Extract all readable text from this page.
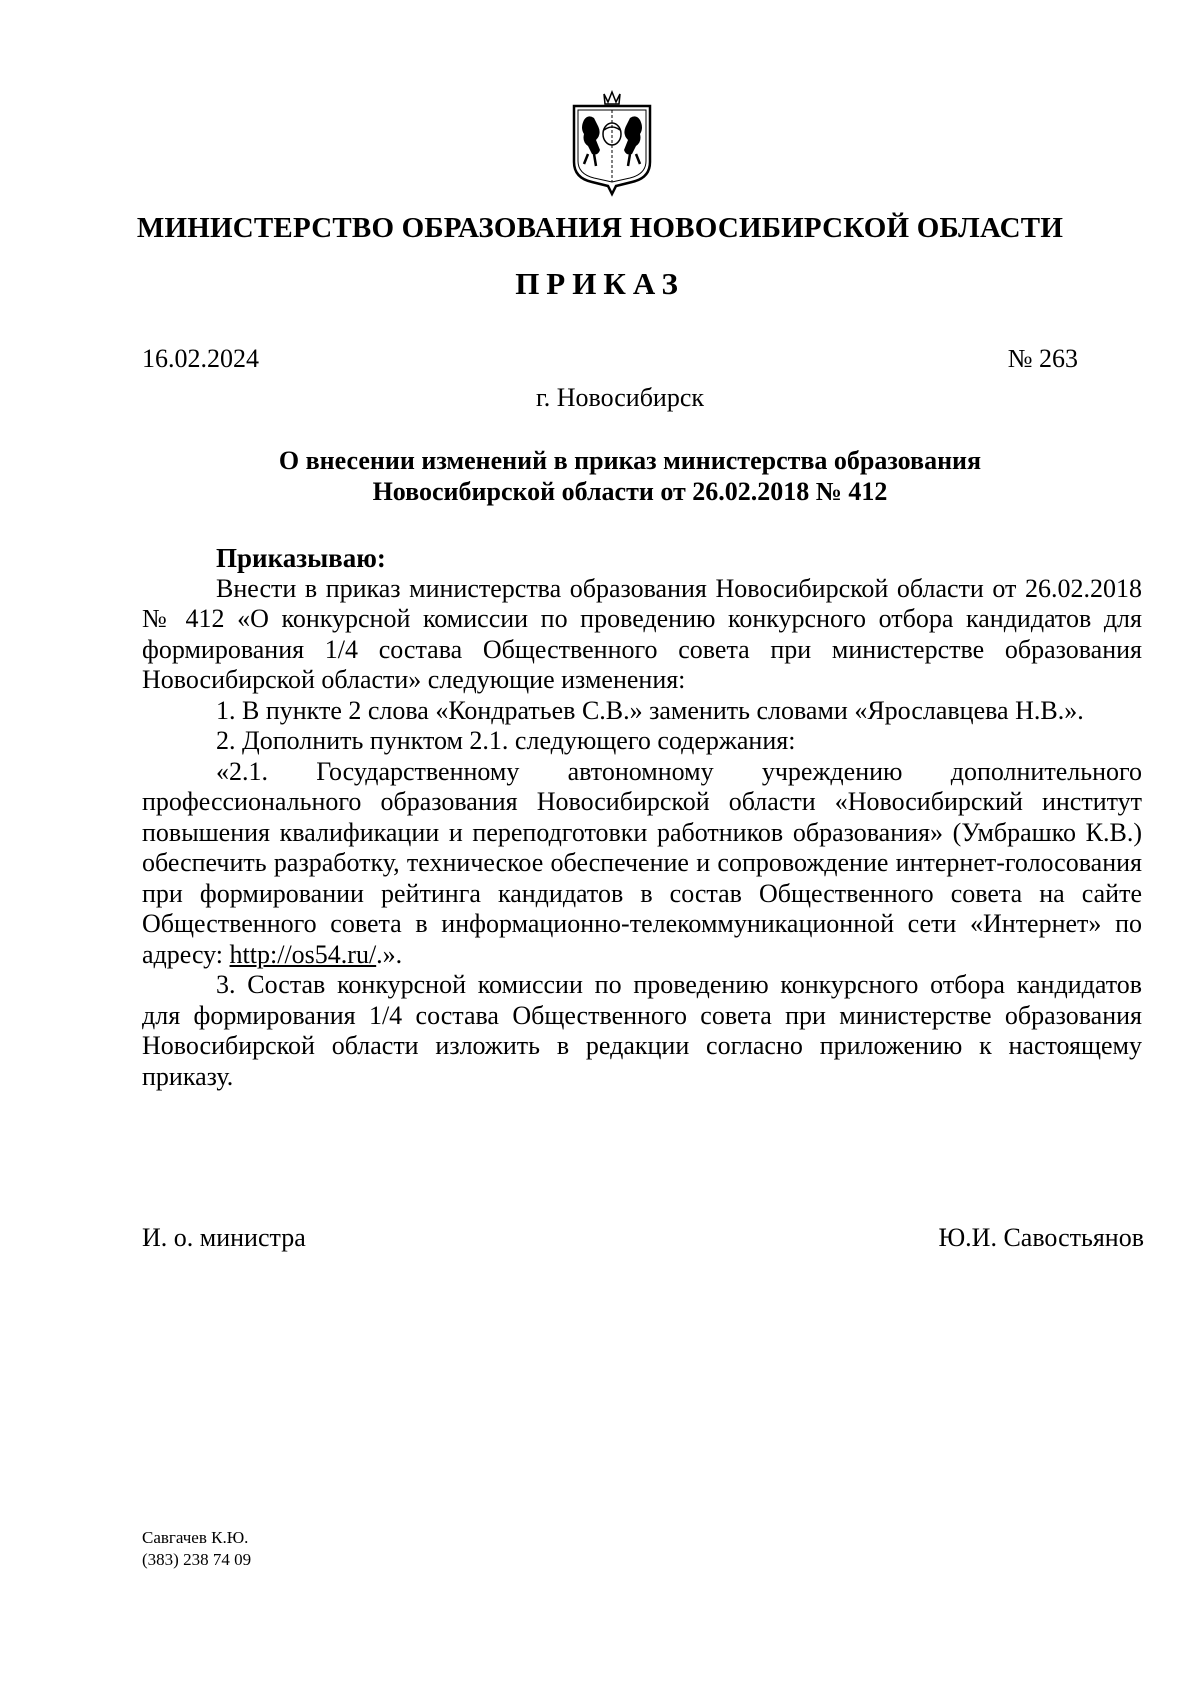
МИНИСТЕРСТВО ОБРАЗОВАНИЯ НОВОСИБИРСКОЙ ОБЛАСТИ
ПРИКАЗ
16.02.2024	№ 263
г. Новосибирск
О внесении изменений в приказ министерства образования
Новосибирской области от 26.02.2018 № 412

Приказываю:

Внести в приказ министерства образования Новосибирской области от 26.02.2018 № 412 «О конкурсной комиссии по проведению конкурсного отбора кандидатов для формирования 1/4 состава Общественного совета при министерстве образования Новосибирской области» следующие изменения:

1. В пункте 2 слова «Кондратьев С.В.» заменить словами «Ярославцева Н.В.».

2. Дополнить пунктом 2.1. следующего содержания:

«2.1. Государственному автономному учреждению дополнительного профессионального образования Новосибирской области «Новосибирский институт повышения квалификации и переподготовки работников образования» (Умбрашко К.В.) обеспечить разработку, техническое обеспечение и сопровождение интернет-голосования при формировании рейтинга кандидатов в состав Общественного совета на сайте Общественного совета в информационно-телекоммуникационной сети «Интернет» по адресу: http://os54.ru/.».

3. Состав конкурсной комиссии по проведению конкурсного отбора кандидатов для формирования 1/4 состава Общественного совета при министерстве образования Новосибирской области изложить в редакции согласно приложению к настоящему приказу.

И. о. министра	Ю.И. Савостьянов
Савгачев К.Ю.
(383) 238 74 09
